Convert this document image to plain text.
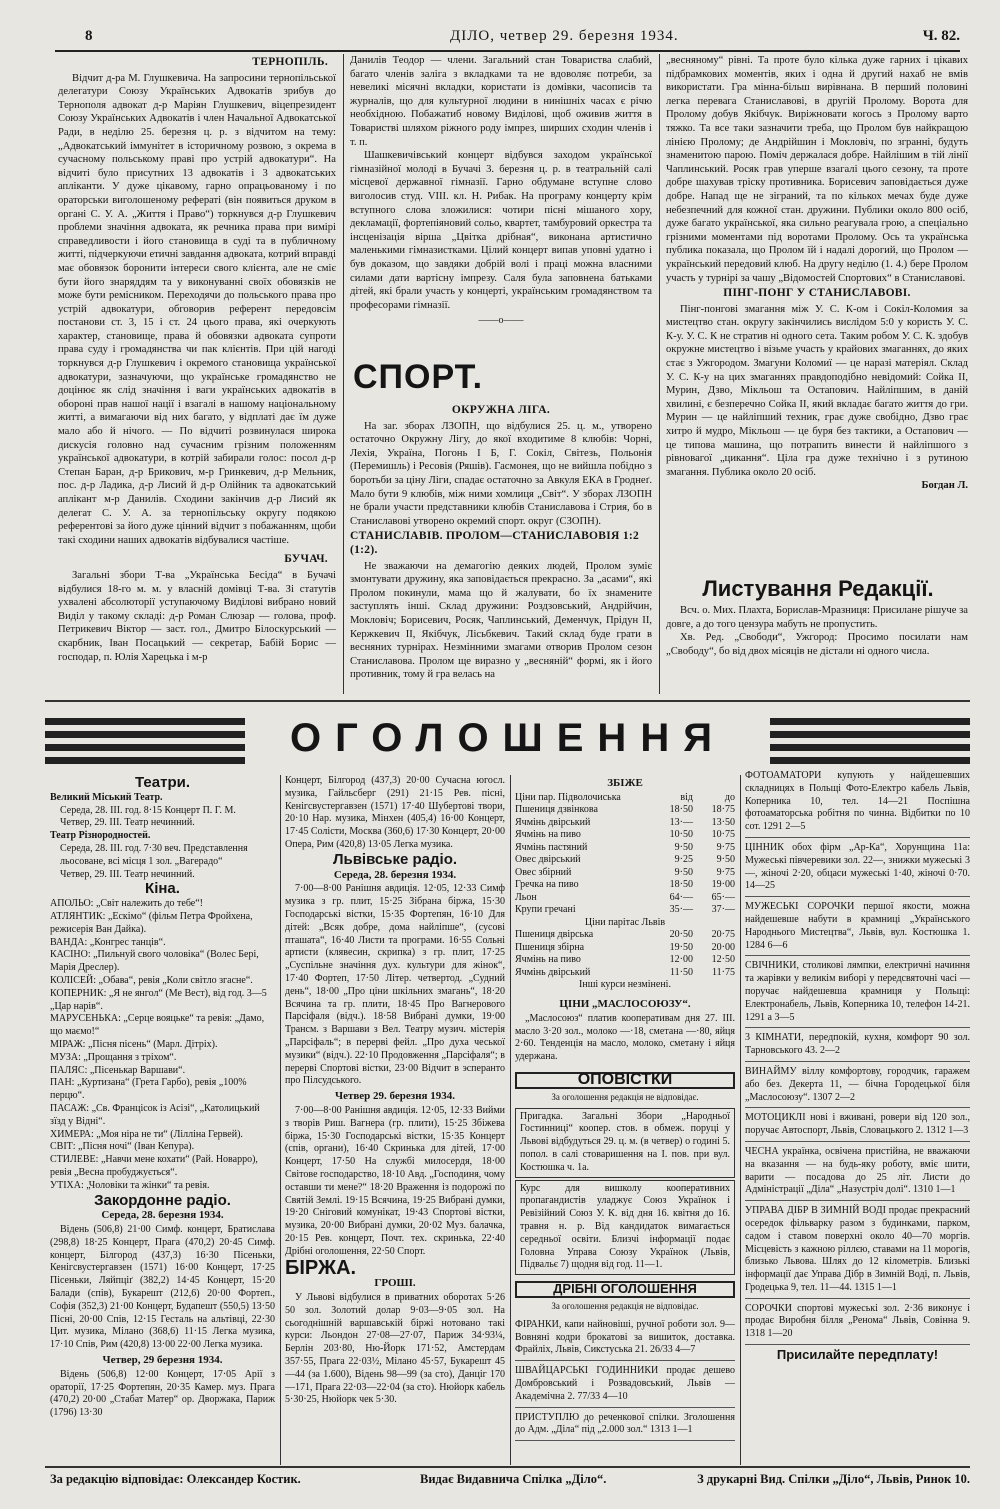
8	ДІЛО, четвер 29. березня 1934.	Ч. 82.
ТЕРНОПІЛЬ.

Відчит д-ра М. Глушкевича. На запросини тернопільської делегатури Союзу Українських Адвокатів зрибув до Тернополя адвокат д-р Маріян Глушкевич, віцепрезидент Союзу Українських Адвокатів і член Начальної Адвокатської Ради, в неділю 25. березня ц. р. з відчитом на тему: „Адвокатський іммунітет в історичному розвою, з окрема в сучасному польському праві про устрій адвокатури“. На відчиті було присутних 13 адвокатів і 3 адвокатських апліканти. У дуже цікавому, гарно опрацьованому і по ораторськи виголошеному рефераті (він появиться друком в органі С. У. А. „Життя і Право“) торкнувся д-р Глушкевич проблеми значіння адвоката, як речника права при вимірі справедливости і його становища в суді та в публичному житті, підчеркуючи етичні завдання адвоката, котрий вправді має обовязок боронити інтереси свого клієнта, але не сміє бути його знаряддям та у виконуванні своїх обовязків не може бути ремісником. Переходячи до польського права про устрій адвокатури, обговорив референт передовсім постанови ст. 3, 15 і ст. 24 цього права, які очеркують характер, становище, права й обовязки адвоката супроти права суду і громадянства чи пак клієнтів. При цій нагоді торкнувся д-р Глушкевич і окремого становища української адвокатури, зазначуючи, що українське громадянство не доцінює як слід значіння і ваги українських адвокатів в обороні прав нашої нації і взагалі в нашому національному житті, а вимагаючи від них багато, у відплаті дає їм дуже мало або й нічого. — По відчиті розвинулася широка дискусія головно над сучасним грізним положенням української адвокатури, в котрій забирали голос: посол д-р Степан Баран, д-р Брикович, м-р Гринкевич, д-р Мельник, пос. д-р Ладика, д-р Лисий й д-р Олійник та адвокатський аплікант м-р Данилів. Сходини закінчив д-р Лисий як делегат С. У. А. за тернопільську округу подякою референтові за його дуже цінний відчит з побажанням, щоби такі сходини наших адвокатів відбувалися частіше.

БУЧАЧ.

Загальні збори Т-ва „Українська Бесіда“ в Бучачі відбулися 18-го м. м. у власній домівці Т-ва. Зі статутів ухвалені абсолюторії уступаючому Виділові вибрано новий Виділ у такому складі: д-р Роман Слюзар — голова, проф. Петрикевич Віктор — заст. гол., Дмитро Білоскурський — скарбник, Іван Посацький — секретар, Бабій Борис — господар, п. Юлія Харецька і м-р

Данилів Теодор — члени. Загальний стан Товариства слабий, багато членів заліга з вкладками та не вдоволяє потреби, за невеликі місячні вкладки, користати із домівки, часописів та журналів, що для культурної людини в нинішніх часах є річю необхідною. Побажатиб новому Виділові, щоб оживив життя в Товаристві шляхом ріжного роду імпрез, ширших сходин членів і т. п.

Шашкевичівський концерт відбувся заходом української гімназійної молоді в Бучачі 3. березня ц. р. в театральній салі місцевої державної гімназії. Гарно обдумане вступне слово виголосив студ. VIII. кл. Н. Рибак. На програму концерту крім вступного слова зложилися: чотири пісні мішаного хору, декламації, фортепіяновий сольо, квартет, тамбуровий оркестра та інсценізація вірша „Цвітка дрібная“, виконана артистично маленькими гімназистками. Цілий концерт випав уповні удатно і був доказом, що завдяки добрій волі і праці можна власними силами дати вартісну імпрезу. Саля була заповнена батьками дітей, які брали участь у концерті, українським громадянством та професорами гімназії.

——o——
СПОРТ.
ОКРУЖНА ЛІГА.

На заг. зборах ЛЗОПН, що відбулися 25. ц. м., утворено остаточно Окружну Лігу, до якої входитиме 8 клюбів: Чорні, Лехія, Україна, Погонь I Б, Г. Сокіл, Світезь, Польонія (Перемишль) і Ресовія (Ряшів). Гасмонея, що не вийшла побідно з боротьби за ціну Ліги, спадає остаточно за Авкуля ЕКА в Гроднеґ. Мало бути 9 клюбів, між ними хомлиця „Світ“. У зборах ЛЗОПН не брали участи представники клюбів Станиславова і Стрия, бо в Станиславові утворено окремий спорт. округ (СЗОПН).

СТАНИСЛАВІВ. ПРОЛОМ—СТАНИСЛАВОВІЯ 1:2 (1:2).

Не зважаючи на демагогію деяких людей, Пролом зуміє змонтувати дружину, яка заповідається прекрасно. За „асами“, які Пролом покинули, мама що й жалувати, бо їх знамените заступлять інші. Склад дружини: Роздзовський, Андрійчин, Мокловіч; Борисевич, Росяк, Чаплинський, Деменчук, Прідун II, Кержкевич II, Якібчук, Лісьбкевич. Такий склад буде грати в весняних турнірах. Незмінними змагами отворив Пролом сезон Станиславова. Пролом ще виразно у „весняній“ формі, як і його противник, тому й гра велась на

„весняному“ рівні. Та проте було кілька дуже гарних і цікавих підбрамкових моментів, яких і одна й другий нахаб не вмів використати. Гра мінна-більш вирівнана. В перший половині легка перевага Станиславові, в другій Пролому. Ворота для Пролому добув Якібчук. Виріжновати когось з Пролому варто тяжко. Та все таки зазначити треба, що Пролом був найкращою лінією Пролому; де Андрійшин і Мокловіч, по згранні, будуть знаменитою парою. Поміч держалася добре. Найлішим в тій лінії Чаплинський. Росяк грав уперше взагалі цього сезону, та проте добре шахував тріску противника. Борисевич заповідається дуже добре. Напад ще не зіграний, та по кількох мечах буде дуже небезпечний для кожної стан. дружини. Публики около 800 осіб, дуже багато української, яка сильно реагувала грою, а спеціально грізними моментами під воротами Пролому. Ось та українська публика показала, що Пролом їй і надалі дорогий, що Пролом — український передовий клюб. На другу неділю (1. 4.) бере Пролом участь у турнірі за чашу „Відомостей Спортових“ в Станиславові.

ПІНГ-ПОНГ У СТАНИСЛАВОВІ.

Пінг-понгові змагання між У. С. К-ом і Сокіл-Коломия за мистецтво стан. округу закінчились вислідом 5:0 у користь У. С. К-у. У. С. К не стратив ні одного сета. Таким робом У. С. К. здобув окружне мистецтво і візьме участь у крайових змаганнях, до яких стає з Ужгородом. Змагуни Коломиї — це наразі матеріял. Склад У. С. К-у на цих змаганнях правдоподібно невідомий: Сойка II, Мурин, Дзво, Мікльош та Остапович. Найліпшим, в даній хвилині, є безперечно Сойка II, який вкладає багато життя до гри. Мурин — це найліпший техник, грає дуже свобідно, Дзво грає хитро й мудро, Мікльош — це буря без тактики, а Остапович — це типова машина, що потрапить винести й найліпшого з рівновагої „цикання“. Ціла гра дуже технічно і з рутиною змагання. Публика около 20 осіб.

Богдан Л.
Листування Редакції.

Всч. о. Мих. Плахта, Борислав-Мразниця: Присилане рішуче за довге, а до того цензура мабуть не пропустить.

Хв. Ред. „Свободи“, Ужгород: Просимо посилати нам „Свободу“, бо від двох місяців не дістали ні одного числа.

ОГОЛОШЕННЯ
Театри.
Великий Міський Театр.
Середа, 28. III. год. 8·15 Концерт П. Г. М.
Четвер, 29. III. Театр нечинний.
Театр Різнородностей.
Середа, 28. III. год. 7·30 веч. Представлення льосоване, всі місця 1 зол. „Вагерадо“
Четвер, 29. III. Театр нечинний.
Кіна.
АПОЛЬО: „Світ належить до тебе“!
АТЛЯНТИК: „Ескімо“ (фільм Петра Фройхена, режисерія Ван Дайка).
ВАНДА: „Конгрес танців“.
КАСІНО: „Пильнуй свого чоловіка“ (Волес Бері, Марія Дреслер).
КОЛІСЕЙ: „Обава“, ревія „Коли світло згасне“.
КОПЕРНИК: „Я не янгол“ (Ме Вест), від год. 3—5 „Цар нарів“.
МАРУСЕНЬКА: „Серце вояцьке“ та ревія: „Дамо, що маємо!“
МІРАЖ: „Пісня пісень“ (Марл. Дітріх).
МУЗА: „Прощання з тріхом“.
ПАЛЯС: „Пісенькар Варшави“.
ПАН: „Куртизана“ (Грета Гарбо), ревія „100% перцю“.
ПАСАЖ: „Св. Францісок із Асізі“, „Католицький зїзд у Відні“.
ХИМЕРА: „Моя ніра не ти“ (Лілліна Гервей).
СВІТ: „Пісня ночі“ (Іван Кепура).
СТИЛЕВЕ: „Навчи мене кохати“ (Рай. Новарро), ревія „Весна пробуджується“.
УТІХА: „Чоловіки та жінки“ та ревія.
Закордонне радіо.
Середа, 28. березня 1934.

Відень (506,8) 21·00 Симф. концерт, Братислава (298,8) 18·25 Концерт, Прага (470,2) 20·45 Симф. концерт, Білгород (437,3) 16·30 Пісеньки, Кенігсвустергавзен (1571) 16·00 Концерт, 17·25 Пісеньки, Ляйпціґ (382,2) 14·45 Концерт, 15·20 Балади (спів), Букарешт (212,6) 20·00 Фортеп., Софія (352,3) 21·00 Концерт, Будапешт (550,5) 13·50 Пісні, 20·00 Спів, 12·15 Гесталь на альтівці, 22·30 Цит. музика, Мілано (368,6) 11·15 Легка музика, 17·10 Спів, Рим (420,8) 13·00 22·00 Легка музика.

Четвер, 29 березня 1934.

Відень (506,8) 12·00 Концерт, 17·05 Арії з ораторії, 17·25 Фортепян, 20·35 Камер. муз. Прага (470,2) 20·00 „Стабат Матер“ ор. Дворжака, Париж (1796) 13·30

Концерт, Білгород (437,3) 20·00 Сучасна югосл. музика, Гайльсберг (291) 21·15 Рев. пісні, Кенігсвустергавзен (1571) 17·40 Шубертові твори, 20·10 Нар. музика, Мінхен (405,4) 16·00 Концерт, 17·45 Солісти, Москва (360,6) 17·30 Концерт, 20·00 Опера, Рим (420,8) 13·05 Легка музика.

Львівське радіо.
Середа, 28. березня 1934.

7·00—8·00 Ранішня авдиція. 12·05, 12·33 Симф музика з гр. плит, 15·25 Зібрана біржа, 15·30 Господарські вістки, 15·35 Фортепян, 16·10 Для дітей: „Всяк добре, дома найліпше“, (сусові пташата“, 16·40 Листи та програми. 16·55 Сольні артисти (клявесин, скрипка) з гр. плит, 17·25 „Суспільне значіння дух. культури для жінок“, 17·40 Фортеп, 17·50 Літер. четвертод. „Судний день“, 18·00 „Про ціни шкільних змагань“, 18·20 Всячина та гр. плити, 18·45 Про Вагнерового Парсіфаля (відч.). 18·58 Вибрані думки, 19·00 Трансм. з Варшави з Вел. Театру музич. містерія „Парсіфаль“; в перерві фейл. „Про духа чеської музики“ (відч.). 22·10 Продовження „Парсіфаля“; в перерві Спортові вістки, 23·00 Відчит в эсперанто про Пілсудського.

Четвер 29. березня 1934.

7·00—8·00 Ранішня авдиція. 12·05, 12·33 Вийми з творів Риш. Вагнера (гр. плити), 15·25 Збіжева біржа, 15·30 Господарські вістки, 15·35 Концерт (спів, органи), 16·40 Скринька для дітей, 17·00 Концерт, 17·50 На службі милосердя, 18·00 Світове господарство, 18·10 Авд. „Господиня, чому оставши ти мене?“ 18·20 Враження із подорожі по Святій Землі. 19·15 Всячина, 19·25 Вибрані думки, 19·20 Сніговий комунікат, 19·43 Спортові вістки, музика, 20·00 Вибрані думки, 20·02 Муз. балачка, 20·15 Рев. концерт, Почт. тех. скринька, 22·40 Дрібні оголошення, 22·50 Спорт.

БІРЖА.
ГРОШІ.

У Львові відбулися в приватних оборотах 5·26 50 зол. Золотий долар 9·03—9·05 зол. На сьогоднішній варшавській біржі нотовано такі курси: Льондон 27·08—27·07, Париж 34·93¼, Берлін 203·80, Ню-Йорк 171·52, Амстердам 357·55, Прага 22·03½, Мілано 45·57, Букарешт 45—44 (за 1.600), Відень 98—99 (за сто), Данціг 170—171, Прага 22·03—22·04 (за сто). Нюйорк кабель 5·30·25, Нюйорк чек 5·30.

ЗБІЖЕ
Ціни пар. Підволочиська	від	до
Пшениця дзвінкова	18·50	18·75
Ячмінь двірський	13·—	13·50
Ячмінь на пиво	10·50	10·75
Ячмінь пастяний	9·50	9·75
Овес двірський	9·25	9·50
Овес збірний	9·50	9·75
Гречка на пиво	18·50	19·00
Льон	64·—	65·—
Крупи гречані	35·—	37·—
Ціни парітас Львів		
Пшениця двірська	20·50	20·75
Пшениця збірна	19·50	20·00
Ячмінь на пиво	12·00	12·50
Ячмінь двірський	11·50	11·75
Інші курси незмінені.
ЦІНИ „МАСЛОСОЮЗУ“.

„Маслосоюз“ платив кооперативам дня 27. III. масло 3·20 зол., молоко —·18, сметана —·80, яйця 2·60. Тенденція на масло, молоко, сметану і яйця удержана.

ОПОВІСТКИ
За оголошення редакція не відповідає.

Пригадка. Загальні Збори „Народньої Гостинниці“ коопер. стов. в обмеж. поруці у Львові відбудуться 29. ц. м. (в четвер) о годині 5. попол. в салі стоваришення на І. пов. при вул. Костюшка ч. 1а.

Курс для вишколу кооперативних пропагандистів уладжує Союз Українок і Ревізійний Союз У. К. від дня 16. квітня до 16. травня н. р. Від кандидаток вимагається середньої освіти. Близчі інформації подає Головна Управа Союзу Українок (Львів, Підвальє 7) щодня від год. 11—1.

ДРІБНІ ОГОЛОШЕННЯ
За оголошення редакція не відповідає.

ФІРАНКИ, капи найновіші, ручної роботи зол. 9— Вовняні кодри брокатові за вишиток, доставка. Фрайліх, Львів, Сикстуська 21. 26/33 4—7

ШВАЙЦАРСЬКІ ГОДИННИКИ продає дешево Домбровський і Розвадовський, Львів — Академічна 2. 77/33 4—10

ПРИСТУПЛЮ до реченкової спілки. Зголошення до Адм. „Діла“ під „2.000 зол.“ 1313 1—1

ФОТОАМАТОРИ купують у найдешевших складницях в Польщі Фото-Електро кабель Львів, Коперника 10, тел. 14—21 Поспішна фотоаматорська робітня по чинна. Відбитки по 10 сот. 1291 2—5

ЦІННИК обох фірм „Ар-Ка“, Хорунщина 11а: Мужеські півчеревики зол. 22—, знижки мужеські 3—, жіночі 2·20, обцаси мужеські 1·40, жіночі 0·70. 14—25

МУЖЕСЬКІ СОРОЧКИ першої якости, можна найдешевше набути в крамниці „Українського Народнього Мистецтва“, Львів, вул. Костюшка 1. 1284 6—6

СВІЧНИКИ, столикові лямпки, електричні начиння та жарівки у великім виборі у передсвяточні часі — поручає найдешевша крамниця у Польщі: Електронабель, Львів, Коперника 10, телефон 14-21. 1291 a 3—5

3 КІМНАТИ, передпокій, кухня, комфорт 90 зол. Тарновського 43. 2—2

ВИНАЙМУ віллу комфортову, городчик, гаражем або без. Декерта 11, — бічна Городецької біля „Маслосоюзу“. 1307 2—2

МОТОЦИКЛІ нові і вживані, ровери від 120 зол., поручає Автоспорт, Львів, Словацького 2. 1312 1—3

ЧЕСНА українка, освічена пристійна, не вважаючи на вказання — на будь-яку роботу, вміє шити, варити — посадова до 25 літ. Листи до Адміністрації „Діла“ „Назустріч долі“. 1310 1—1

УПРАВА ДІБР В ЗИМНІЙ ВОДІ продає прекрасний осередок фільварку разом з будинками, парком, садом і ставом поверхні около 40—70 моргів. Місцевість з кажною ріллєю, ставами на 11 морогів, близько Львова. Шлях до 12 кілометрів. Близькі інформації дає Управа Дібр в Зимній Воді, п. Львів, Гродецька 9, тел. 11—44. 1315 1—1

СОРОЧКИ спортові мужеські зол. 2·36 виконує і продає Виробня білля „Ренома“ Львів, Совінна 9. 1318 1—20

Присилайте передплату!
За редакцію відповідає: Олександер Костик.	Видає Видавнича Спілка „Діло“.	З друкарні Вид. Спілки „Діло“, Львів, Ринок 10.
